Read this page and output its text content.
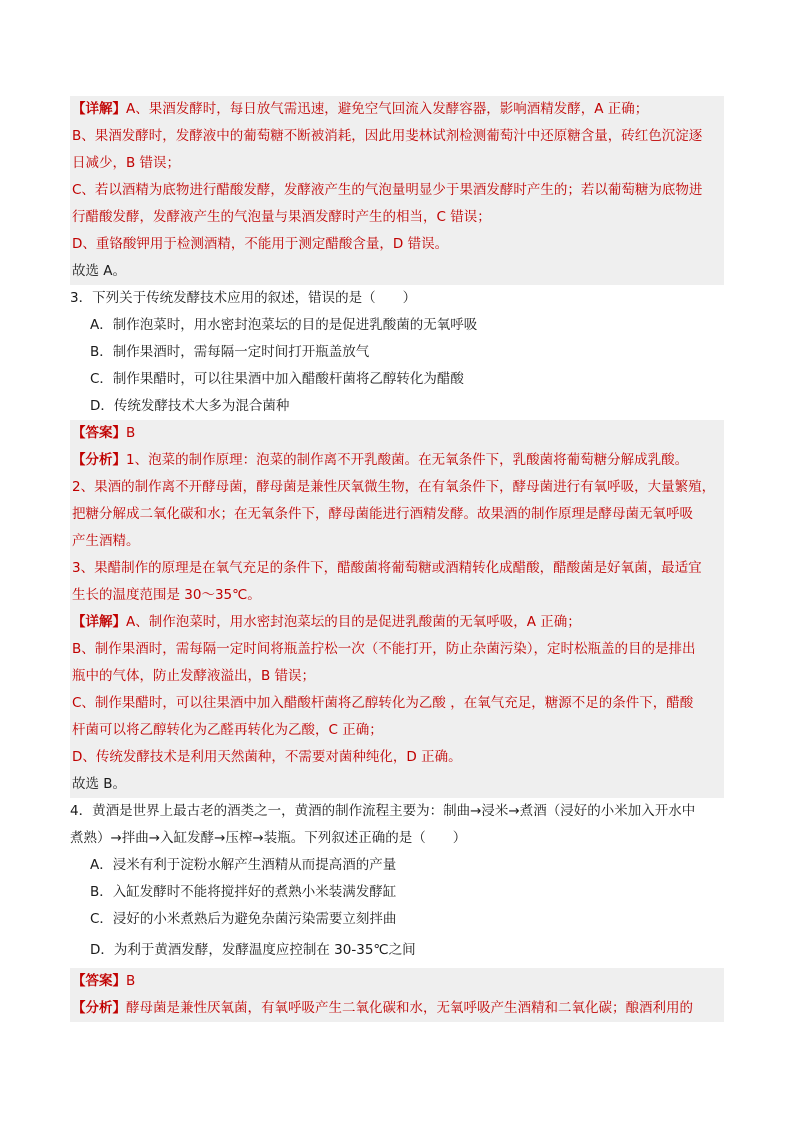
【详解】A、果酒发酵时，每日放气需迅速，避免空气回流入发酵容器，影响酒精发酵，A 正确；
B、果酒发酵时，发酵液中的葡萄糖不断被消耗，因此用斐林试剂检测葡萄汁中还原糖含量，砖红色沉淀逐
日减少，B 错误；
C、若以酒精为底物进行醋酸发酵，发酵液产生的气泡量明显少于果酒发酵时产生的；若以葡萄糖为底物进
行醋酸发酵，发酵液产生的气泡量与果酒发酵时产生的相当，C 错误；
D、重铬酸钾用于检测酒精，不能用于测定醋酸含量，D 错误。
故选 A。
3．下列关于传统发酵技术应用的叙述，错误的是（　　）
A．制作泡菜时，用水密封泡菜坛的目的是促进乳酸菌的无氧呼吸
B．制作果酒时，需每隔一定时间打开瓶盖放气
C．制作果醋时，可以往果酒中加入醋酸杆菌将乙醇转化为醋酸
D．传统发酵技术大多为混合菌种
【答案】B
【分析】1、泡菜的制作原理：泡菜的制作离不开乳酸菌。在无氧条件下，乳酸菌将葡萄糖分解成乳酸。
2、果酒的制作离不开酵母菌，酵母菌是兼性厌氧微生物，在有氧条件下，酵母菌进行有氧呼吸，大量繁殖，
把糖分解成二氧化碳和水；在无氧条件下，酵母菌能进行酒精发酵。故果酒的制作原理是酵母菌无氧呼吸
产生酒精。
3、果醋制作的原理是在氧气充足的条件下，醋酸菌将葡萄糖或酒精转化成醋酸，醋酸菌是好氧菌，最适宜
生长的温度范围是 30～35℃。
【详解】A、制作泡菜时，用水密封泡菜坛的目的是促进乳酸菌的无氧呼吸，A 正确；
B、制作果酒时，需每隔一定时间将瓶盖拧松一次（不能打开，防止杂菌污染），定时松瓶盖的目的是排出
瓶中的气体，防止发酵液溢出，B 错误；
C、制作果醋时，可以往果酒中加入醋酸杆菌将乙醇转化为乙酸 ，在氧气充足，糖源不足的条件下，醋酸
杆菌可以将乙醇转化为乙醛再转化为乙酸，C 正确；
D、传统发酵技术是利用天然菌种，不需要对菌种纯化，D 正确。
故选 B。
4．黄酒是世界上最古老的酒类之一，黄酒的制作流程主要为：制曲→浸米→煮酒（浸好的小米加入开水中
煮熟）→拌曲→入缸发酵→压榨→装瓶。下列叙述正确的是（　　）
A．浸米有利于淀粉水解产生酒精从而提高酒的产量
B．入缸发酵时不能将搅拌好的煮熟小米装满发酵缸
C．浸好的小米煮熟后为避免杂菌污染需要立刻拌曲
D．为利于黄酒发酵，发酵温度应控制在 30-35℃之间
【答案】B
【分析】酵母菌是兼性厌氧菌，有氧呼吸产生二氧化碳和水，无氧呼吸产生酒精和二氧化碳；酿酒利用的
